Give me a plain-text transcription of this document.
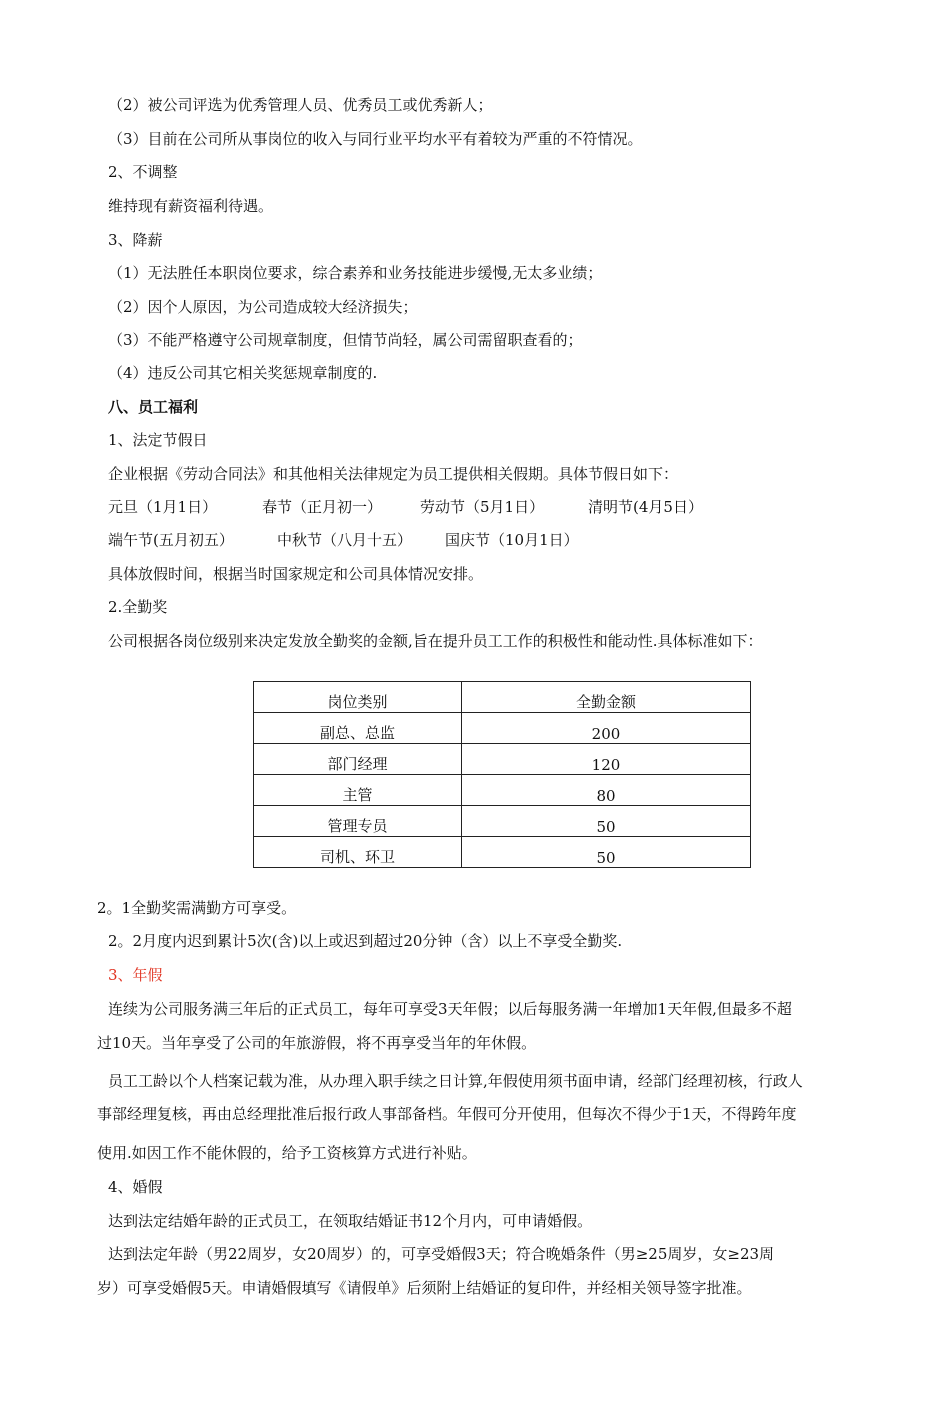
（2）被公司评选为优秀管理人员、优秀员工或优秀新人；
（3）目前在公司所从事岗位的收入与同行业平均水平有着较为严重的不符情况。
2、不调整
维持现有薪资福利待遇。
3、降薪
（1）无法胜任本职岗位要求，综合素养和业务技能进步缓慢,无太多业绩；
（2）因个人原因，为公司造成较大经济损失；
（3）不能严格遵守公司规章制度，但情节尚轻，属公司需留职查看的；
（4）违反公司其它相关奖惩规章制度的.
八、员工福利
1、法定节假日
企业根据《劳动合同法》和其他相关法律规定为员工提供相关假期。具体节假日如下：
元旦（1月1日）	春节（正月初一）	劳动节（5月1日）	清明节(4月5日）
端午节(五月初五）	中秋节（八月十五） 国庆节（10月1日）
具体放假时间，根据当时国家规定和公司具体情况安排。
2.全勤奖
公司根据各岗位级别来决定发放全勤奖的金额,旨在提升员工工作的积极性和能动性.具体标准如下：
岗位类别	全勤金额
副总、总监	200
部门经理	120
主管	80
管理专员	50
司机、环卫	50
2。1全勤奖需满勤方可享受。
2。2月度内迟到累计5次(含)以上或迟到超过20分钟（含）以上不享受全勤奖.
3、年假
连续为公司服务满三年后的正式员工，每年可享受3天年假；以后每服务满一年增加1天年假,但最多不超
过10天。当年享受了公司的年旅游假，将不再享受当年的年休假。
员工工龄以个人档案记载为准，从办理入职手续之日计算,年假使用须书面申请，经部门经理初核，行政人
事部经理复核，再由总经理批准后报行政人事部备档。年假可分开使用，但每次不得少于1天，不得跨年度
使用.如因工作不能休假的，给予工资核算方式进行补贴。
4、婚假
达到法定结婚年龄的正式员工，在领取结婚证书12个月内，可申请婚假。
达到法定年龄（男22周岁，女20周岁）的，可享受婚假3天；符合晚婚条件（男≥25周岁，女≥23周
岁）可享受婚假5天。申请婚假填写《请假单》后须附上结婚证的复印件，并经相关领导签字批准。
